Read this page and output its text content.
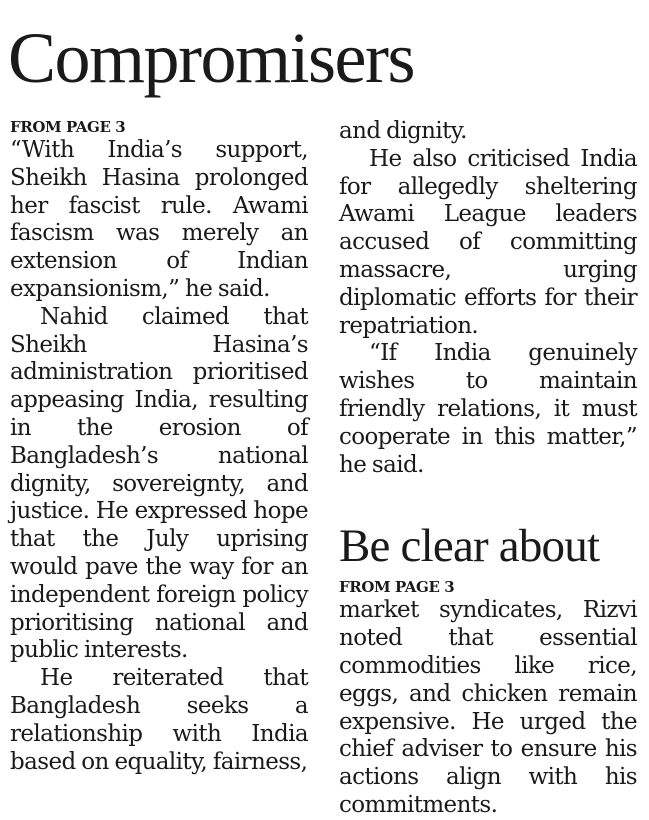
Compromisers
FROM PAGE 3

“With India’s support, Sheikh Hasina prolonged her fascist rule. Awami fascism was merely an extension of Indian expansionism,” he said.

Nahid claimed that Sheikh Hasina’s administration prioritised appeasing India, resulting in the erosion of Bangladesh’s national dignity, sovereignty, and justice. He expressed hope that the July uprising would pave the way for an independent foreign policy prioritising national and public interests.

He reiterated that Bangladesh seeks a relationship with India based on equality, fairness,

and dignity.

He also criticised India for allegedly sheltering Awami League leaders accused of committing massacre, urging diplomatic efforts for their repatriation.

“If India genuinely wishes to maintain friendly relations, it must cooperate in this matter,” he said.

Be clear about
FROM PAGE 3

market syndicates, Rizvi noted that essential commodities like rice, eggs, and chicken remain expensive. He urged the chief adviser to ensure his actions align with his commitments.
